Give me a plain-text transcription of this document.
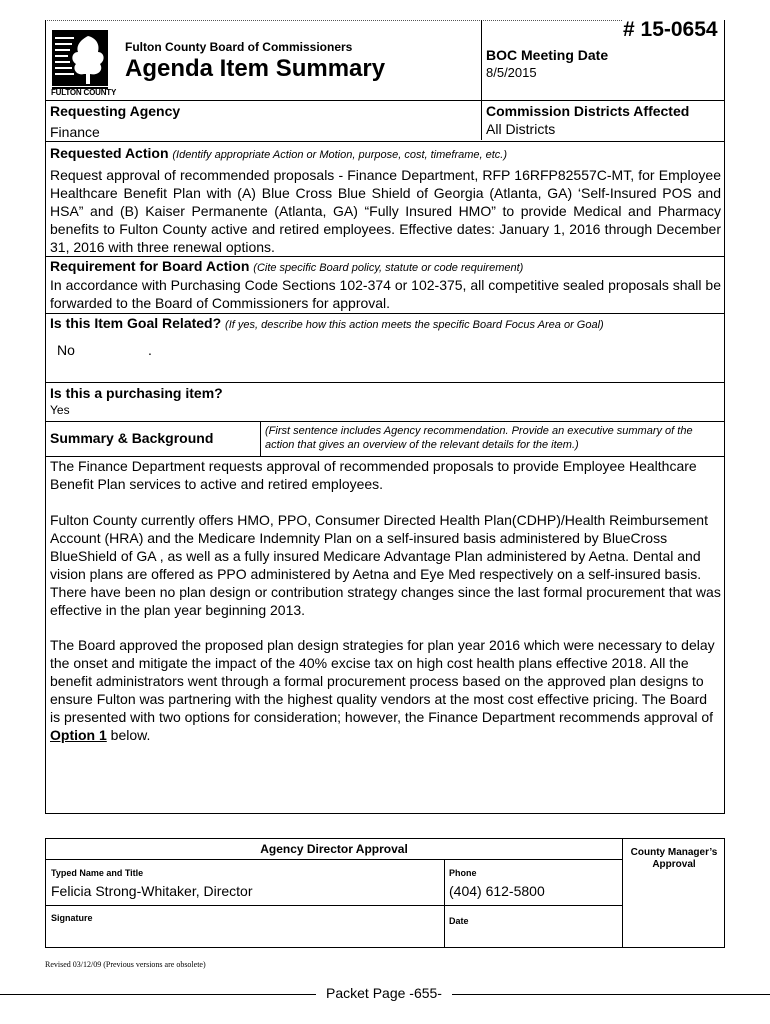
# 15-0654
FULTON COUNTY
Fulton County Board of Commissioners
Agenda Item Summary	BOC Meeting Date
8/5/2015
Requesting Agency
Finance
Commission Districts Affected
All Districts
Requested Action (Identify appropriate Action or Motion, purpose, cost, timeframe, etc.)
Request approval of recommended proposals - Finance Department, RFP 16RFP82557C-MT, for Employee Healthcare Benefit Plan with (A) Blue Cross Blue Shield of Georgia (Atlanta, GA) ‘Self-Insured POS and HSA” and (B) Kaiser Permanente (Atlanta, GA) “Fully Insured HMO” to provide Medical and Pharmacy benefits to Fulton County active and retired employees. Effective dates: January 1, 2016 through December 31, 2016 with three renewal options.
Requirement for Board Action (Cite specific Board policy, statute or code requirement)
In accordance with Purchasing Code Sections 102-374 or 102-375, all competitive sealed proposals shall be forwarded to the Board of Commissioners for approval.
Is this Item Goal Related? (If yes, describe how this action meets the specific Board Focus Area or Goal)
No	.
Is this a purchasing item?
Yes
Summary & Background	(First sentence includes Agency recommendation. Provide an executive summary of the action that gives an overview of the relevant details for the item.)
The Finance Department requests approval of recommended proposals to provide Employee Healthcare Benefit Plan services to active and retired employees.
Fulton County currently offers HMO, PPO, Consumer Directed Health Plan(CDHP)/Health Reimbursement Account (HRA) and the Medicare Indemnity Plan on a self-insured basis administered by BlueCross BlueShield of GA , as well as a fully insured Medicare Advantage Plan administered by Aetna. Dental and vision plans are offered as PPO administered by Aetna and Eye Med respectively on a self-insured basis. There have been no plan design or contribution strategy changes since the last formal procurement that was effective in the plan year beginning 2013.
The Board approved the proposed plan design strategies for plan year 2016 which were necessary to delay the onset and mitigate the impact of the 40% excise tax on high cost health plans effective 2018. All the benefit administrators went through a formal procurement process based on the approved plan designs to ensure Fulton was partnering with the highest quality vendors at the most cost effective pricing. The Board is presented with two options for consideration; however, the Finance Department recommends approval of Option 1 below.
Agency Director Approval	County Manager’s Approval
Typed Name and Title
Felicia Strong-Whitaker, Director
Phone
(404) 612-5800
Signature	Date
Revised 03/12/09 (Previous versions are obsolete)
Packet Page -655-
